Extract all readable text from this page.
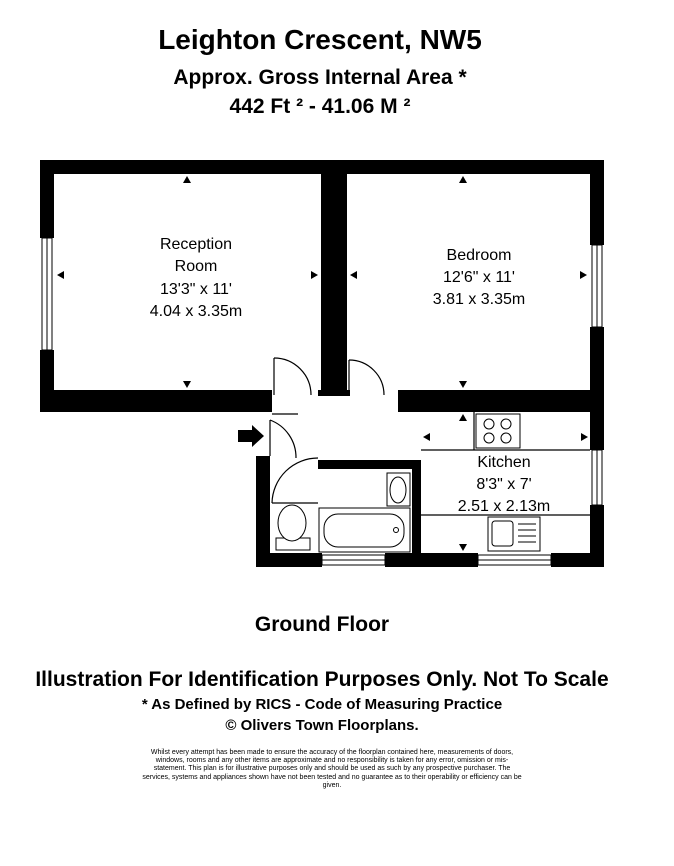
Leighton Crescent, NW5
Approx. Gross Internal Area *
442 Ft ² - 41.06 M ²
Reception
Room
13'3" x 11'
4.04 x 3.35m
Bedroom
12'6" x 11'
3.81 x 3.35m
Kitchen
8'3" x 7'
2.51 x 2.13m
Ground Floor
Illustration For Identification Purposes Only. Not To Scale
* As Defined by RICS - Code of Measuring Practice
© Olivers Town Floorplans.
Whilst every attempt has been made to ensure the accuracy of the floorplan contained here, measurements of doors, windows, rooms and any other items are approximate and no responsibility is taken for any error, omission or mis-statement. This plan is for illustrative purposes only and should be used as such by any prospective purchaser. The services, systems and appliances shown have not been tested and no guarantee as to their operability or efficiency can be given.
